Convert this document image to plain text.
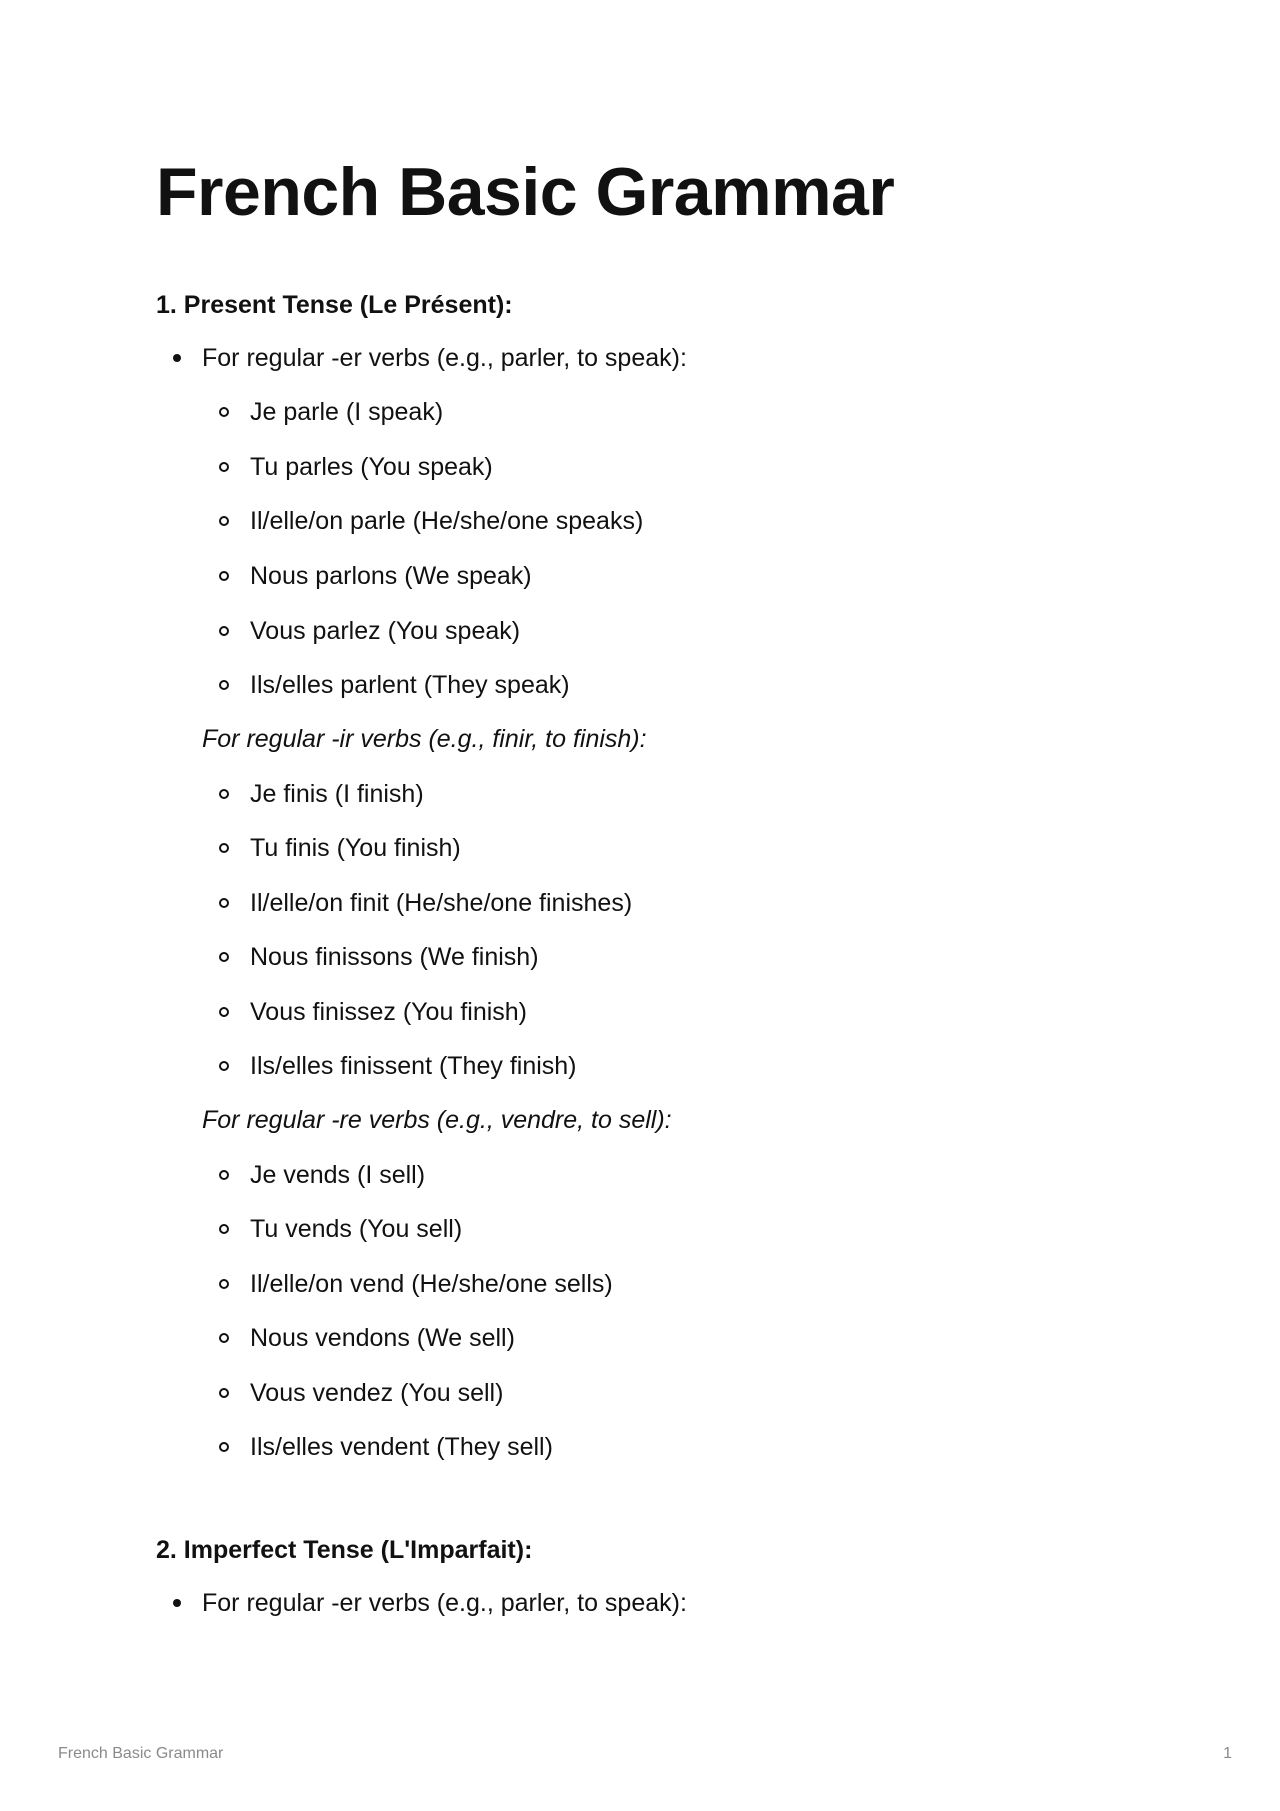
French Basic Grammar
1. Present Tense (Le Présent):
For regular -er verbs (e.g., parler, to speak):
Je parle (I speak)
Tu parles (You speak)
Il/elle/on parle (He/she/one speaks)
Nous parlons (We speak)
Vous parlez (You speak)
Ils/elles parlent (They speak)
For regular -ir verbs (e.g., finir, to finish):
Je finis (I finish)
Tu finis (You finish)
Il/elle/on finit (He/she/one finishes)
Nous finissons (We finish)
Vous finissez (You finish)
Ils/elles finissent (They finish)
For regular -re verbs (e.g., vendre, to sell):
Je vends (I sell)
Tu vends (You sell)
Il/elle/on vend (He/she/one sells)
Nous vendons (We sell)
Vous vendez (You sell)
Ils/elles vendent (They sell)
2. Imperfect Tense (L'Imparfait):
For regular -er verbs (e.g., parler, to speak):
French Basic Grammar	1
